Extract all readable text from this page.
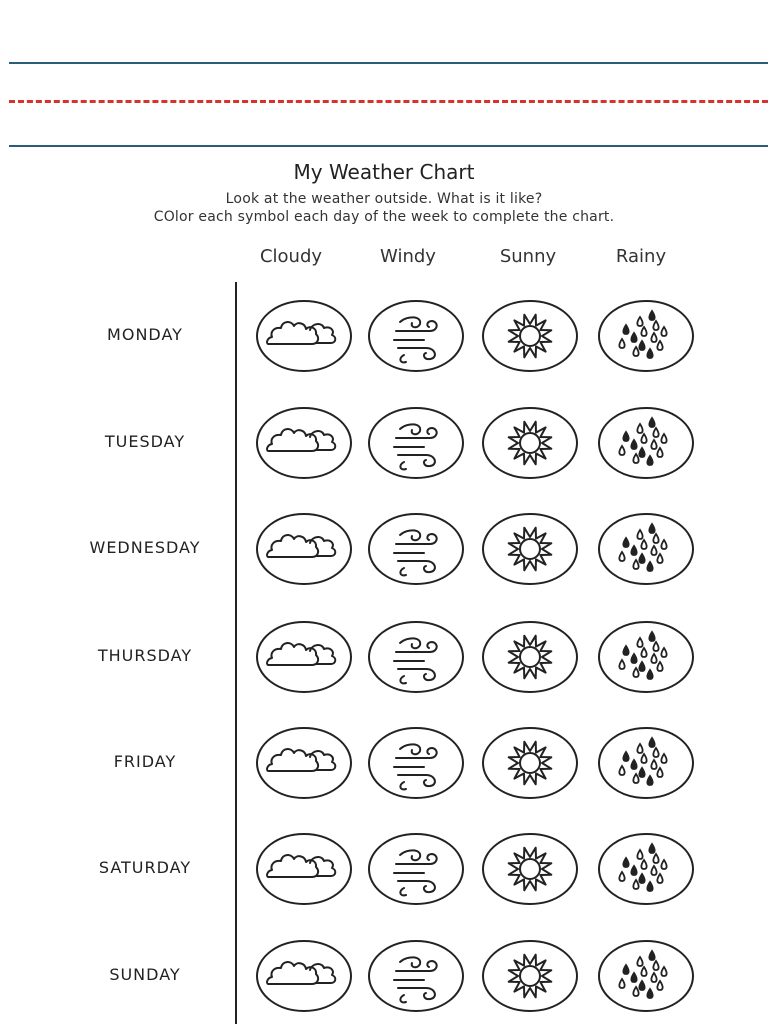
My Weather Chart
Look at the weather outside. What is it like?
COlor each symbol each day of the week to complete the chart.
Cloudy	Windy	Sunny	Rainy
MONDAY
TUESDAY
WEDNESDAY
THURSDAY
FRIDAY
SATURDAY
SUNDAY
